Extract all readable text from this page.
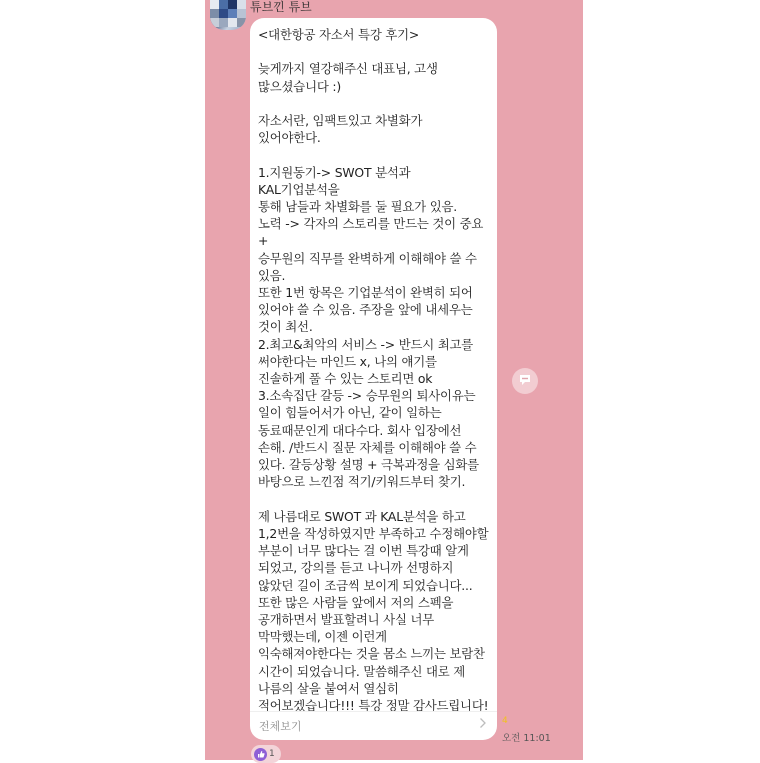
튜브낀 튜브
<대한항공 자소서 특강 후기>

늦게까지 열강해주신 대표님, 고생
많으셨습니다 :)

자소서란, 임팩트있고 차별화가
있어야한다.

1.지원동기-> SWOT 분석과 KAL기업분석을
통해 남들과 차별화를 둘 필요가 있음.
노력 -> 각자의 스토리를 만드는 것이 중요 +
승무원의 직무를 완벽하게 이해해야 쓸 수
있음.
또한 1번 항목은 기업분석이 완벽히 되어
있어야 쓸 수 있음. 주장을 앞에 내세우는
것이 최선.
2.최고&최악의 서비스 -> 반드시 최고를
써야한다는 마인드 x, 나의 얘기를
진솔하게 풀 수 있는 스토리면 ok
3.소속집단 갈등 -> 승무원의 퇴사이유는
일이 힘들어서가 아닌, 같이 일하는
동료때문인게 대다수다. 회사 입장에선
손해. /반드시 질문 자체를 이해해야 쓸 수
있다. 갈등상황 설명 + 극복과정을 심화를
바탕으로 느낀점 적기/키워드부터 찾기.

제 나름대로 SWOT 과 KAL분석을 하고
1,2번을 작성하였지만 부족하고 수정해야할
부분이 너무 많다는 걸 이번 특강때 알게
되었고, 강의를 듣고 나니까 선명하지
않았던 길이 조금씩 보이게 되었습니다...
또한 많은 사람들 앞에서 저의 스펙을
공개하면서 발표할려니 사실 너무
막막했는데, 이젠 이런게
익숙해져야한다는 것을 몸소 느끼는 보람찬
시간이 되었습니다. 말씀해주신 대로 제
나름의 살을 붙여서 열심히
적어보겠습니다!!! 특강 정말 감사드립니다!
전체보기	4
오전 11:01
1
